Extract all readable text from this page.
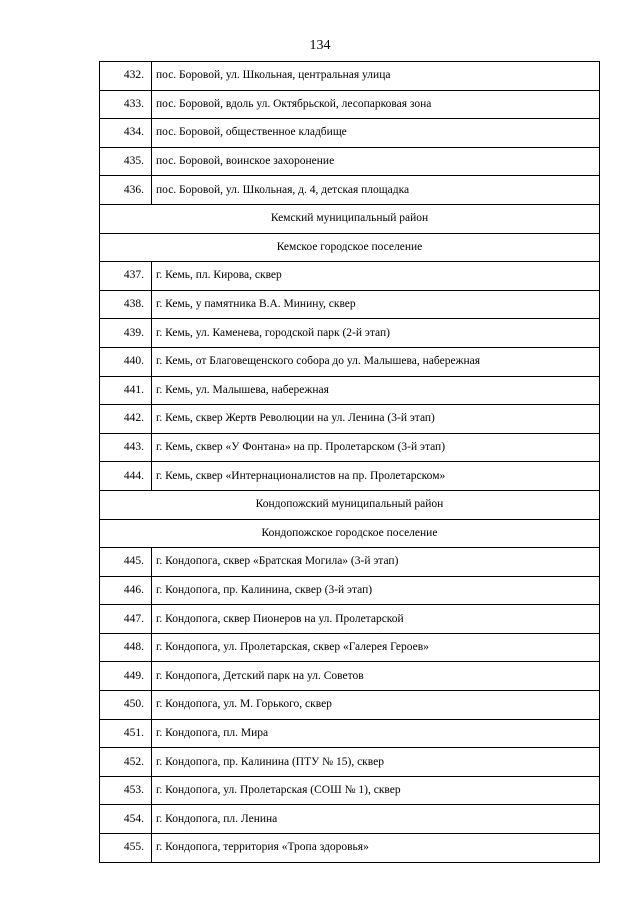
134
432.	пос. Боровой, ул. Школьная, центральная улица
433.	пос. Боровой, вдоль ул. Октябрьской, лесопарковая зона
434.	пос. Боровой, общественное кладбище
435.	пос. Боровой, воинское захоронение
436.	пос. Боровой, ул. Школьная, д. 4, детская площадка
Кемский муниципальный район	
Кемское городское поселение	
437.	г. Кемь, пл. Кирова, сквер
438.	г. Кемь, у памятника В.А. Минину, сквер
439.	г. Кемь, ул. Каменева, городской парк (2-й этап)
440.	г. Кемь, от Благовещенского собора до ул. Малышева, набережная
441.	г. Кемь, ул. Малышева, набережная
442.	г. Кемь, сквер Жертв Революции на ул. Ленина (3-й этап)
443.	г. Кемь, сквер «У Фонтана» на пр. Пролетарском (3-й этап)
444.	г. Кемь, сквер «Интернационалистов на пр. Пролетарском»
Кондопожский муниципальный район	
Кондопожское городское поселение	
445.	г. Кондопога, сквер «Братская Могила» (3-й этап)
446.	г. Кондопога, пр. Калинина, сквер (3-й этап)
447.	г. Кондопога, сквер Пионеров на ул. Пролетарской
448.	г. Кондопога, ул. Пролетарская, сквер «Галерея Героев»
449.	г. Кондопога, Детский парк на ул. Советов
450.	г. Кондопога, ул. М. Горького, сквер
451.	г. Кондопога, пл. Мира
452.	г. Кондопога, пр. Калинина (ПТУ № 15), сквер
453.	г. Кондопога, ул. Пролетарская (СОШ № 1), сквер
454.	г. Кондопога, пл. Ленина
455.	г. Кондопога, территория «Тропа здоровья»
